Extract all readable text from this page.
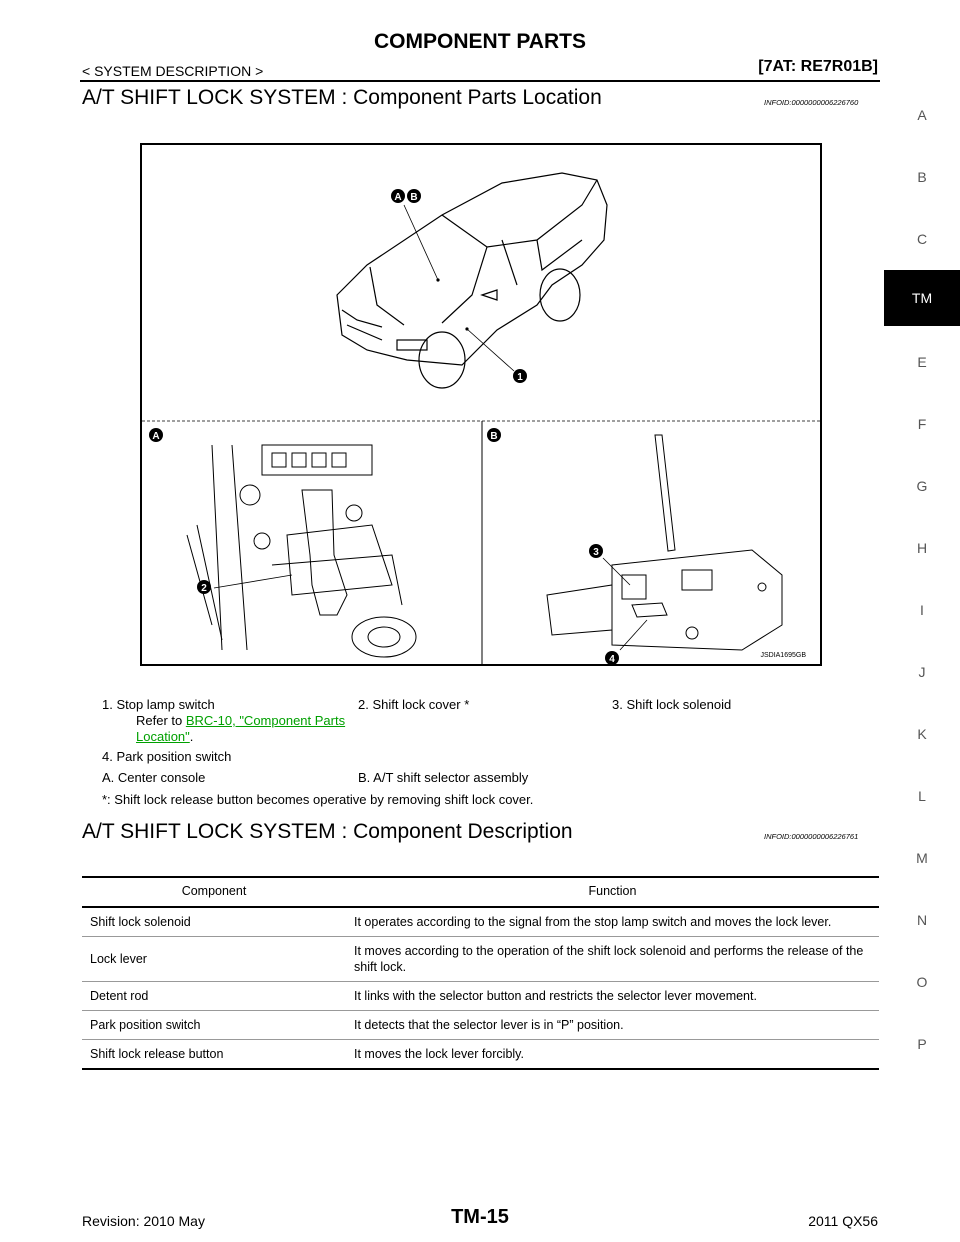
COMPONENT PARTS
< SYSTEM DESCRIPTION >	[7AT: RE7R01B]
A
B
C
E
F
G
H
I
J
K
L
M
N
O
P
TM
A/T SHIFT LOCK SYSTEM : Component Parts Location	INFOID:0000000006226760
A B
1
A
2
B
3
4	JSDIA1695GB
1. Stop lamp switch
Refer to BRC-10, "Component Parts Location".
2. Shift lock cover *	3. Shift lock solenoid
4. Park position switch
A. Center console	B. A/T shift selector assembly
*: Shift lock release button becomes operative by removing shift lock cover.
A/T SHIFT LOCK SYSTEM : Component Description	INFOID:0000000006226761
Component	Function
Shift lock solenoid	It operates according to the signal from the stop lamp switch and moves the lock lever.
Lock lever	It moves according to the operation of the shift lock solenoid and performs the release of the shift lock.
Detent rod	It links with the selector button and restricts the selector lever movement.
Park position switch	It detects that the selector lever is in “P” position.
Shift lock release button	It moves the lock lever forcibly.
Revision: 2010 May	TM-15	2011 QX56
